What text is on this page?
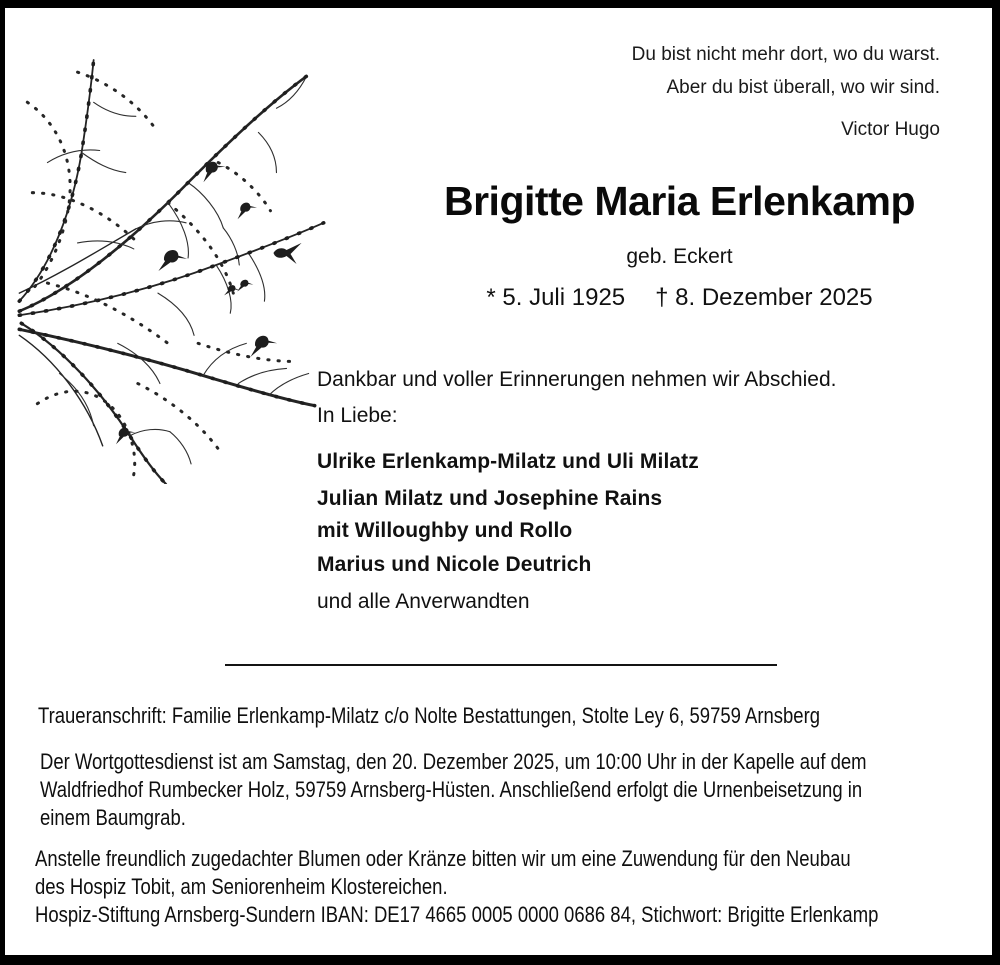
Du bist nicht mehr dort, wo du warst.
Aber du bist überall, wo wir sind.
Victor Hugo
Brigitte Maria Erlenkamp
geb. Eckert
* 5. Juli 1925 † 8. Dezember 2025
Dankbar und voller Erinnerungen nehmen wir Abschied.
In Liebe:
Ulrike Erlenkamp-Milatz und Uli Milatz
Julian Milatz und Josephine Rains
mit Willoughby und Rollo
Marius und Nicole Deutrich
und alle Anverwandten
Traueranschrift: Familie Erlenkamp-Milatz c/o Nolte Bestattungen, Stolte Ley 6, 59759 Arnsberg
Der Wortgottesdienst ist am Samstag, den 20. Dezember 2025, um 10:00 Uhr in der Kapelle auf dem
Waldfriedhof Rumbecker Holz, 59759 Arnsberg-Hüsten. Anschließend erfolgt die Urnenbeisetzung in
einem Baumgrab.
Anstelle freundlich zugedachter Blumen oder Kränze bitten wir um eine Zuwendung für den Neubau
des Hospiz Tobit, am Seniorenheim Klostereichen.
Hospiz-Stiftung Arnsberg-Sundern IBAN: DE17 4665 0005 0000 0686 84, Stichwort: Brigitte Erlenkamp
